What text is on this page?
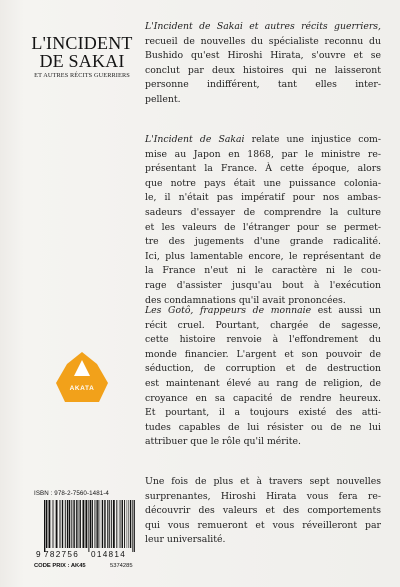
L'INCIDENT
DE SAKAI
ET AUTRES RÉCITS GUERRIERS

L'Incident de Sakai et autres récits guerriers,
recueil de nouvelles du spécialiste reconnu du
Bushido qu'est Hiroshi Hirata, s'ouvre et se
conclut par deux histoires qui ne laisseront
personne indifférent, tant elles inter-
pellent.

L'Incident de Sakai relate une injustice com-
mise au Japon en 1868, par le ministre re-
présentant la France. À cette époque, alors
que notre pays était une puissance colonia-
le, il n'était pas impératif pour nos ambas-
sadeurs d'essayer de comprendre la culture
et les valeurs de l'étranger pour se permet-
tre des jugements d'une grande radicalité.
Ici, plus lamentable encore, le représentant de
la France n'eut ni le caractère ni le cou-
rage d'assister jusqu'au bout à l'exécution
des condamnations qu'il avait prononcées.

Les Gotô, frappeurs de monnaie est aussi un
récit cruel. Pourtant, chargée de sagesse,
cette histoire renvoie à l'effondrement du
monde financier. L'argent et son pouvoir de
séduction, de corruption et de destruction
est maintenant élevé au rang de religion, de
croyance en sa capacité de rendre heureux.
Et pourtant, il a toujours existé des atti-
tudes capables de lui résister ou de ne lui
attribuer que le rôle qu'il mérite.

Une fois de plus et à travers sept nouvelles
surprenantes, Hiroshi Hirata vous fera re-
découvrir des valeurs et des comportements
qui vous remueront et vous réveilleront par
leur universalité.

AKATA
ISBN : 978-2-7560-1481-4
9 782756 014814
CODE PRIX : AK45	5374285
